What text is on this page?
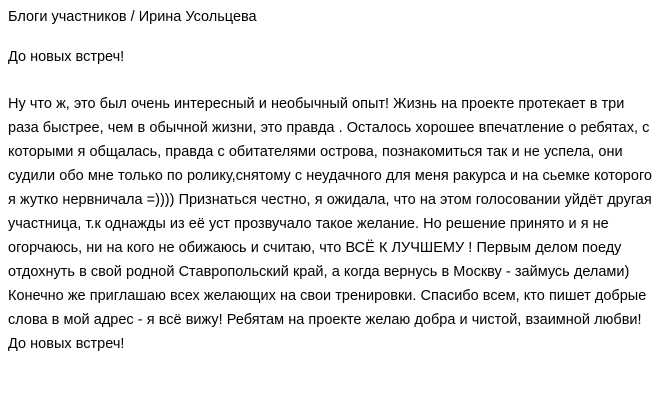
Блоги участников / Ирина Усольцева

До новых встреч!

Ну что ж, это был очень интересный и необычный опыт! Жизнь на проекте протекает в три раза быстрее, чем в обычной жизни, это правда . Осталось хорошее впечатление о ребятах, с которыми я общалась, правда с обитателями острова, познакомиться так и не успела, они судили обо мне только по ролику,снятому с неудачного для меня ракурса и на сьемке которого я жутко нервничала =)))) Признаться честно, я ожидала, что на этом голосовании уйдёт другая участница, т.к однажды из её уст прозвучало такое желание. Но решение принято и я не огорчаюсь, ни на кого не обижаюсь и считаю, что ВСЁ К ЛУЧШЕМУ ! Первым делом поеду отдохнуть в свой родной Ставропольский край, а когда вернусь в Москву - займусь делами) Конечно же приглашаю всех желающих на свои тренировки. Спасибо всем, кто пишет добрые слова в мой адрес - я всё вижу! Ребятам на проекте желаю добра и чистой, взаимной любви! До новых встреч!
